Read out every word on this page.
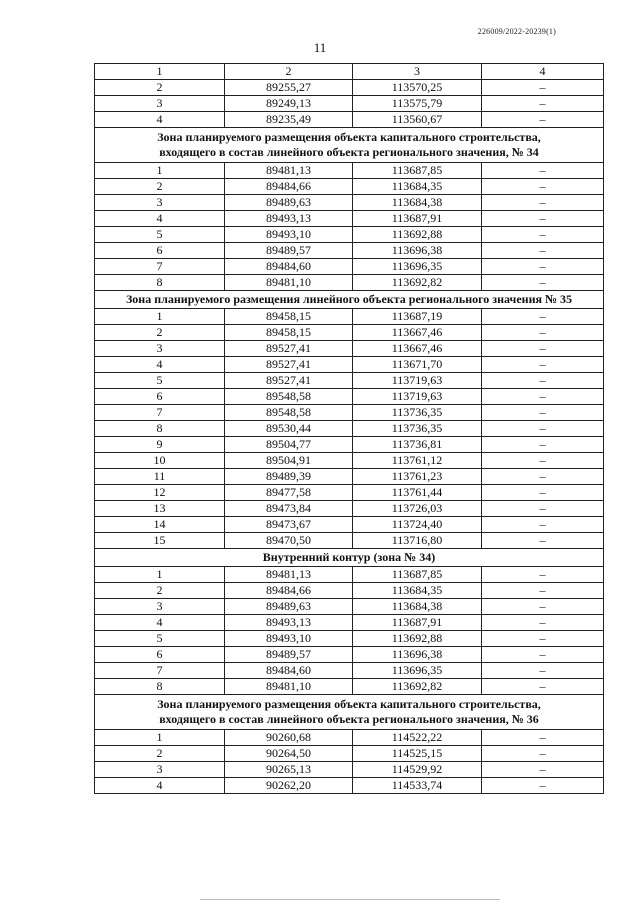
226009/2022-20239(1)
11
1	2	3	4
2	89255,27	113570,25	–
3	89249,13	113575,79	–
4	89235,49	113560,67	–
Зона планируемого размещения объекта капитального строительства,
входящего в состав линейного объекта регионального значения, № 34			
1	89481,13	113687,85	–
2	89484,66	113684,35	–
3	89489,63	113684,38	–
4	89493,13	113687,91	–
5	89493,10	113692,88	–
6	89489,57	113696,38	–
7	89484,60	113696,35	–
8	89481,10	113692,82	–
Зона планируемого размещения линейного объекта регионального значения № 35			
1	89458,15	113687,19	–
2	89458,15	113667,46	–
3	89527,41	113667,46	–
4	89527,41	113671,70	–
5	89527,41	113719,63	–
6	89548,58	113719,63	–
7	89548,58	113736,35	–
8	89530,44	113736,35	–
9	89504,77	113736,81	–
10	89504,91	113761,12	–
11	89489,39	113761,23	–
12	89477,58	113761,44	–
13	89473,84	113726,03	–
14	89473,67	113724,40	–
15	89470,50	113716,80	–
Внутренний контур (зона № 34)			
1	89481,13	113687,85	–
2	89484,66	113684,35	–
3	89489,63	113684,38	–
4	89493,13	113687,91	–
5	89493,10	113692,88	–
6	89489,57	113696,38	–
7	89484,60	113696,35	–
8	89481,10	113692,82	–
Зона планируемого размещения объекта капитального строительства,
входящего в состав линейного объекта регионального значения, № 36			
1	90260,68	114522,22	–
2	90264,50	114525,15	–
3	90265,13	114529,92	–
4	90262,20	114533,74	–
